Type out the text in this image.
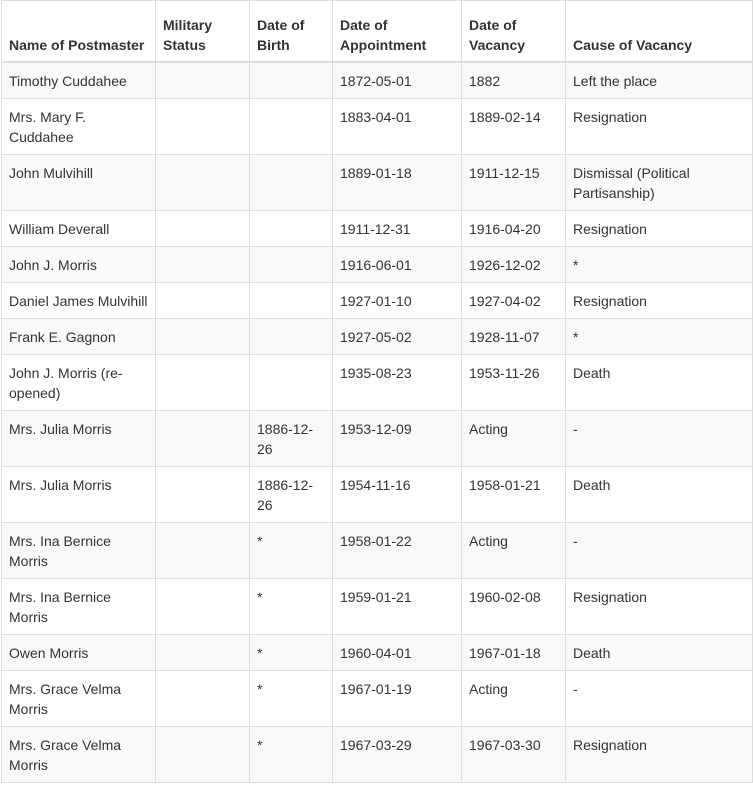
Name of Postmaster	Military Status	Date of Birth	Date of Appointment	Date of Vacancy	Cause of Vacancy
Timothy Cuddahee			1872-05-01	1882	Left the place
Mrs. Mary F. Cuddahee			1883-04-01	1889-02-14	Resignation
John Mulvihill			1889-01-18	1911-12-15	Dismissal (Political Partisanship)
William Deverall			1911-12-31	1916-04-20	Resignation
John J. Morris			1916-06-01	1926-12-02	*
Daniel James Mulvihill			1927-01-10	1927-04-02	Resignation
Frank E. Gagnon			1927-05-02	1928-11-07	*
John J. Morris (re-opened)			1935-08-23	1953-11-26	Death
Mrs. Julia Morris		1886-12-26	1953-12-09	Acting	-
Mrs. Julia Morris		1886-12-26	1954-11-16	1958-01-21	Death
Mrs. Ina Bernice Morris		*	1958-01-22	Acting	-
Mrs. Ina Bernice Morris		*	1959-01-21	1960-02-08	Resignation
Owen Morris		*	1960-04-01	1967-01-18	Death
Mrs. Grace Velma Morris		*	1967-01-19	Acting	-
Mrs. Grace Velma Morris		*	1967-03-29	1967-03-30	Resignation
